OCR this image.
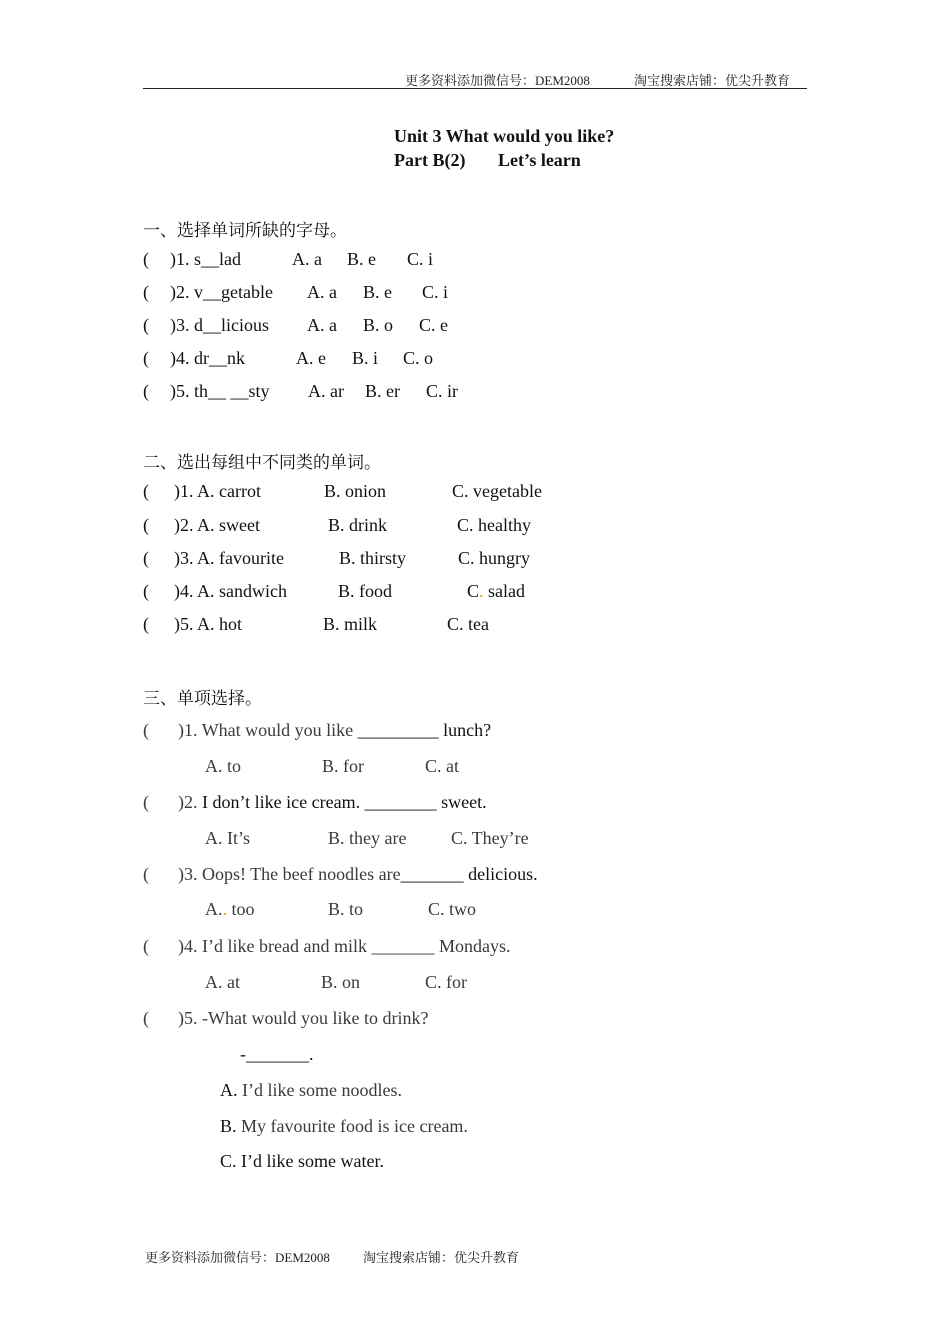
更多资料添加微信号：DEM2008	淘宝搜索店铺：优尖升教育
Unit 3 What would you like?
Part B(2) Let’s learn
一、选择单词所缺的字母。
( )1. s__lad	A. a B. e C. i
( )2. v__getable A. a B. e C. i
( )3. d__licious A. a B. o C. e
( )4. dr__nk	A. e B. i C. o
( )5. th__ __sty A. ar B. er C. ir
二、选出每组中不同类的单词。
( )1. A. carrot	B. onion	C. vegetable
( )2. A. sweet	B. drink	C. healthy
( )3. A. favourite	B. thirsty	C. hungry
( )4. A. sandwich	B. food	C. salad
( )5. A. hot	B. milk	C. tea
三、单项选择。
( )1. What would you like _________ lunch?
A. to	B. for	C. at
( )2. I don’t like ice cream. ________ sweet.
A. It’s	B. they are C. They’re
( )3. Oops! The beef noodles are_______ delicious.
A.. too	B. to	C. two
( )4. I’d like bread and milk _______ Mondays.
A. at	B. on	C. for
( )5. -What would you like to drink?
-_______.
A. I’d like some noodles.
B. My favourite food is ice cream.
C. I’d like some water.
更多资料添加微信号：DEM2008	淘宝搜索店铺：优尖升教育
